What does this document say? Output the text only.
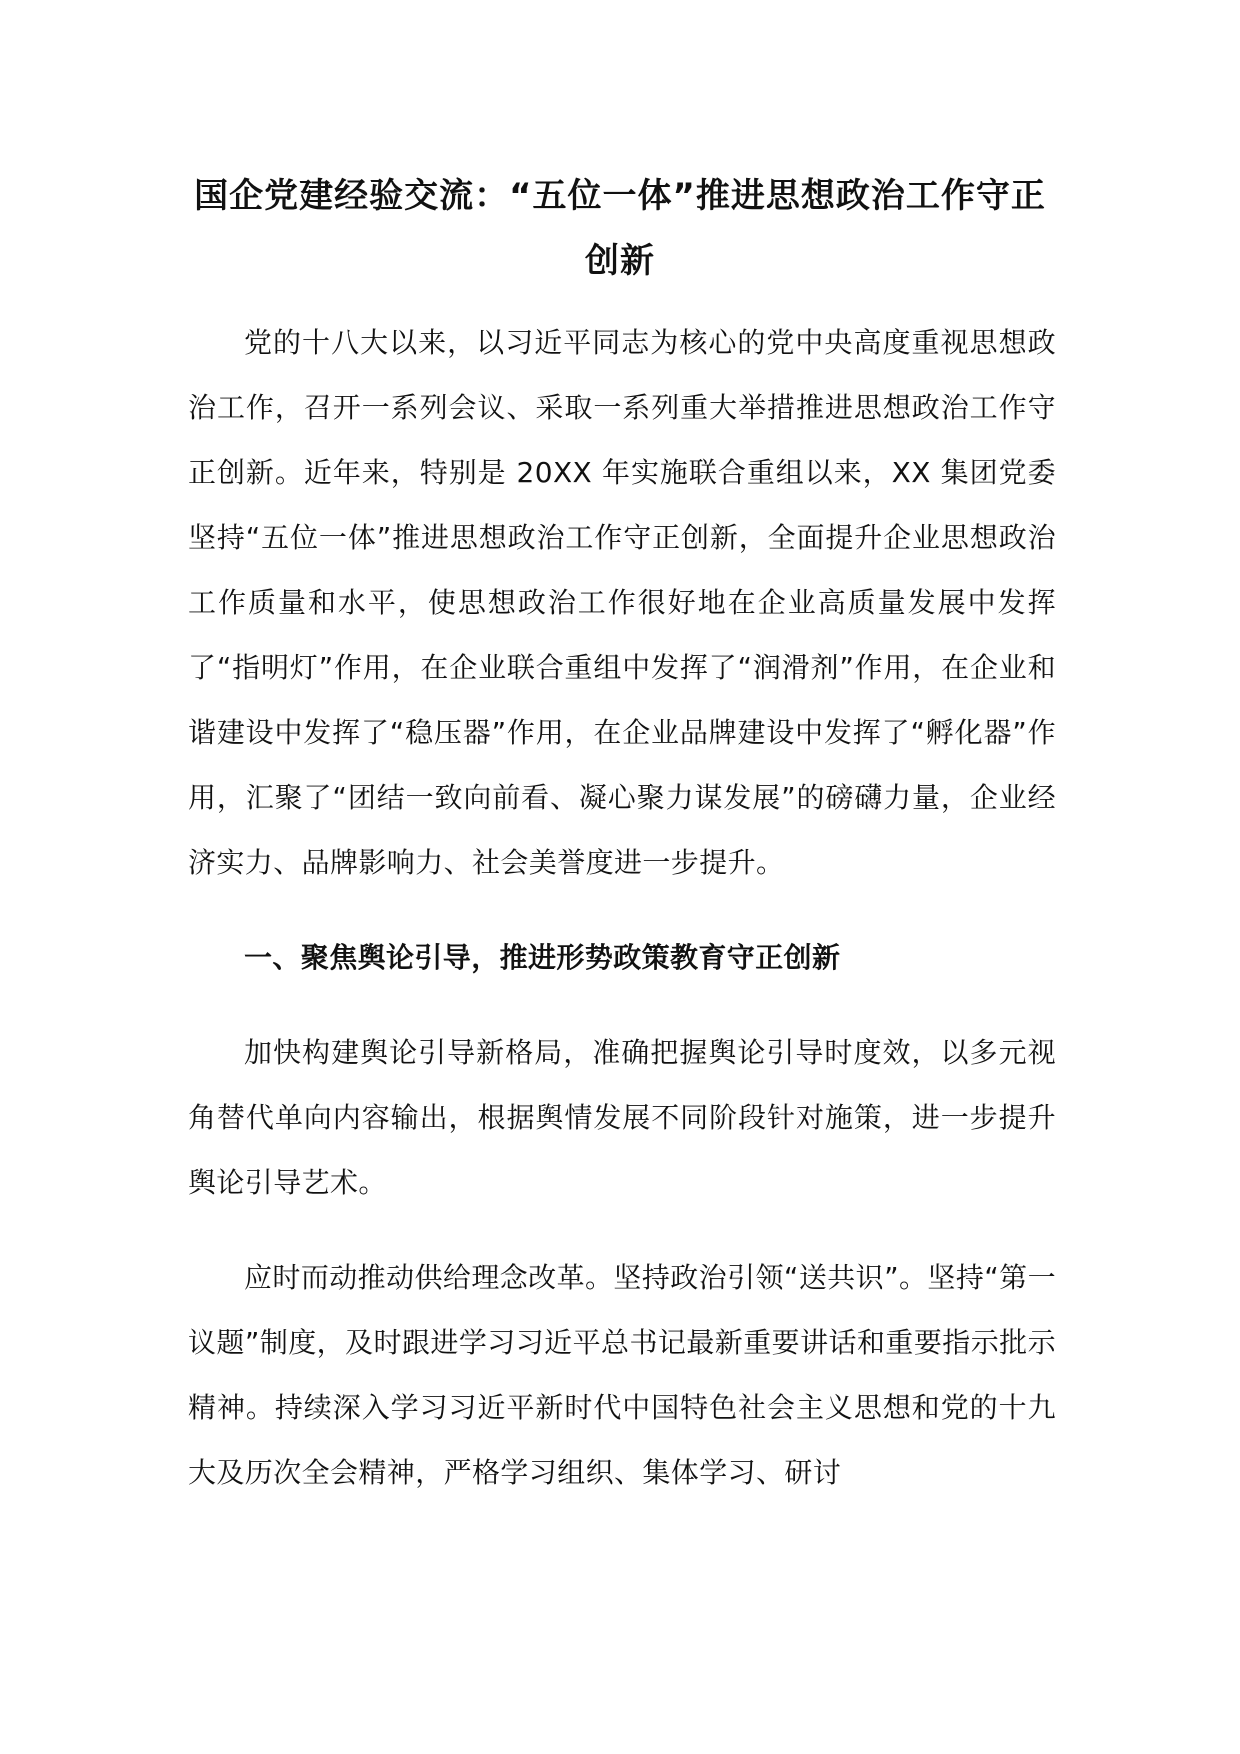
国企党建经验交流：“五位一体”推进思想政治工作守正创新

党的十八大以来，以习近平同志为核心的党中央高度重视思想政治工作，召开一系列会议、采取一系列重大举措推进思想政治工作守正创新。近年来，特别是 20XX 年实施联合重组以来，XX 集团党委坚持“五位一体”推进思想政治工作守正创新，全面提升企业思想政治工作质量和水平，使思想政治工作很好地在企业高质量发展中发挥了“指明灯”作用，在企业联合重组中发挥了“润滑剂”作用，在企业和谐建设中发挥了“稳压器”作用，在企业品牌建设中发挥了“孵化器”作用，汇聚了“团结一致向前看、凝心聚力谋发展”的磅礴力量，企业经济实力、品牌影响力、社会美誉度进一步提升。

一、聚焦舆论引导，推进形势政策教育守正创新

加快构建舆论引导新格局，准确把握舆论引导时度效，以多元视角替代单向内容输出，根据舆情发展不同阶段针对施策，进一步提升舆论引导艺术。

应时而动推动供给理念改革。坚持政治引领“送共识”。坚持“第一议题”制度，及时跟进学习习近平总书记最新重要讲话和重要指示批示精神。持续深入学习习近平新时代中国特色社会主义思想和党的十九大及历次全会精神，严格学习组织、集体学习、研讨
